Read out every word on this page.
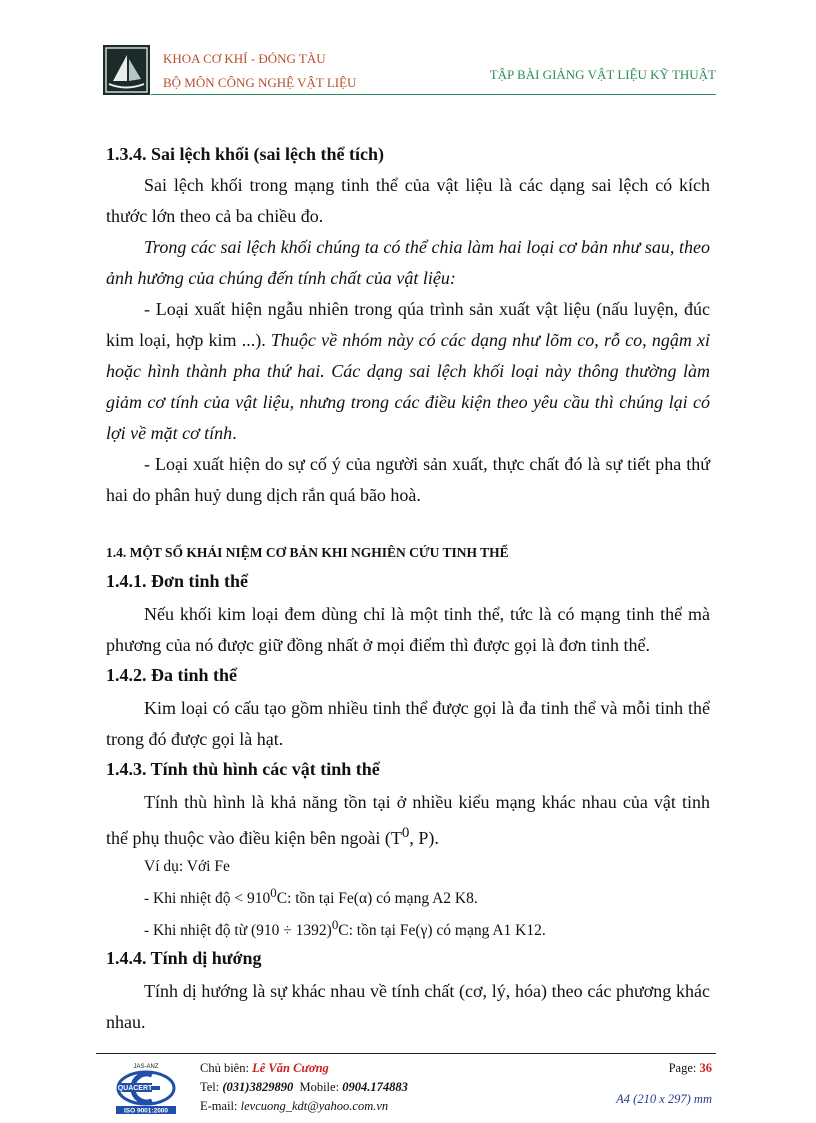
KHOA CƠ KHÍ - ĐÓNG TÀU
BỘ MÔN CÔNG NGHỆ VẬT LIỆU
TẬP BÀI GIẢNG VẬT LIỆU KỸ THUẬT
1.3.4. Sai lệch khối (sai lệch thể tích)

Sai lệch khối trong mạng tinh thể của vật liệu là các dạng sai lệch có kích thước lớn theo cả ba chiều đo.

Trong các sai lệch khối chúng ta có thể chia làm hai loại cơ bản như sau, theo ảnh hưởng của chúng đến tính chất của vật liệu:

- Loại xuất hiện ngẫu nhiên trong qúa trình sản xuất vật liệu (nấu luyện, đúc kim loại, hợp kim ...). Thuộc về nhóm này có các dạng như lõm co, rỗ co, ngậm xỉ hoặc hình thành pha thứ hai. Các dạng sai lệch khối loại này thông thường làm giảm cơ tính của vật liệu, nhưng trong các điều kiện theo yêu cầu thì chúng lại có lợi về mặt cơ tính.

- Loại xuất hiện do sự cố ý của người sản xuất, thực chất đó là sự tiết pha thứ hai do phân huỷ dung dịch rắn quá bão hoà.

1.4. MỘT SỐ KHÁI NIỆM CƠ BẢN KHI NGHIÊN CỨU TINH THỂ
1.4.1. Đơn tinh thể

Nếu khối kim loại đem dùng chỉ là một tinh thể, tức là có mạng tinh thể mà phương của nó được giữ đồng nhất ở mọi điểm thì được gọi là đơn tinh thể.

1.4.2. Đa tinh thể

Kim loại có cấu tạo gồm nhiều tinh thể được gọi là đa tinh thể và mỗi tinh thể trong đó được gọi là hạt.

1.4.3. Tính thù hình các vật tinh thể

Tính thù hình là khả năng tồn tại ở nhiều kiểu mạng khác nhau của vật tinh thể phụ thuộc vào điều kiện bên ngoài ($T^0$, P).

Ví dụ: Với Fe

- Khi nhiệt độ < $910^0C$: tồn tại Fe(α) có mạng A2 K8.

- Khi nhiệt độ từ $(910 \div 1392)^0C$: tồn tại Fe(γ) có mạng A1 K12.

1.4.4. Tính dị hướng

Tính dị hướng là sự khác nhau về tính chất (cơ, lý, hóa) theo các phương khác nhau.

JAS-ANZ
QUACERT
ISO 9001:2000
Chủ biên: Lê Văn Cương
Tel: (031)3829890  Mobile: 0904.174883
E-mail: levcuong_kdt@yahoo.com.vn
Page: 36
A4 (210 x 297) mm
